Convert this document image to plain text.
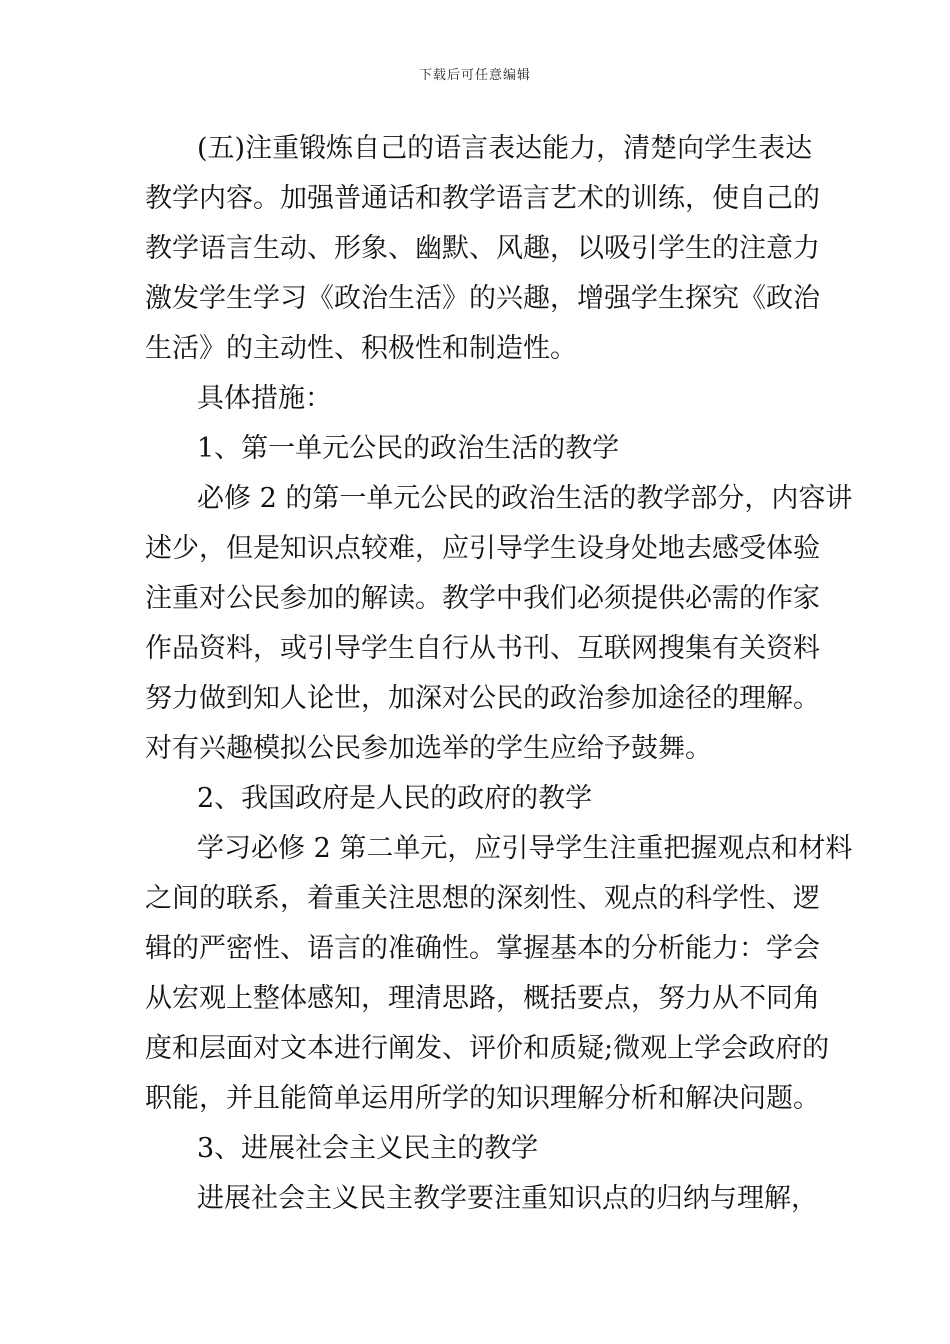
下载后可任意编辑
(五)注重锻炼自己的语言表达能力，清楚向学生表达
教学内容。加强普通话和教学语言艺术的训练，使自己的
教学语言生动、形象、幽默、风趣，以吸引学生的注意力
激发学生学习《政治生活》的兴趣，增强学生探究《政治
生活》的主动性、积极性和制造性。
具体措施：
1、第一单元公民的政治生活的教学
必修 2 的第一单元公民的政治生活的教学部分，内容讲
述少，但是知识点较难，应引导学生设身处地去感受体验
注重对公民参加的解读。教学中我们必须提供必需的作家
作品资料，或引导学生自行从书刊、互联网搜集有关资料
努力做到知人论世，加深对公民的政治参加途径的理解。
对有兴趣模拟公民参加选举的学生应给予鼓舞。
2、我国政府是人民的政府的教学
学习必修 2 第二单元，应引导学生注重把握观点和材料
之间的联系，着重关注思想的深刻性、观点的科学性、逻
辑的严密性、语言的准确性。掌握基本的分析能力：学会
从宏观上整体感知，理清思路，概括要点，努力从不同角
度和层面对文本进行阐发、评价和质疑;微观上学会政府的
职能，并且能简单运用所学的知识理解分析和解决问题。
3、进展社会主义民主的教学
进展社会主义民主教学要注重知识点的归纳与理解，
